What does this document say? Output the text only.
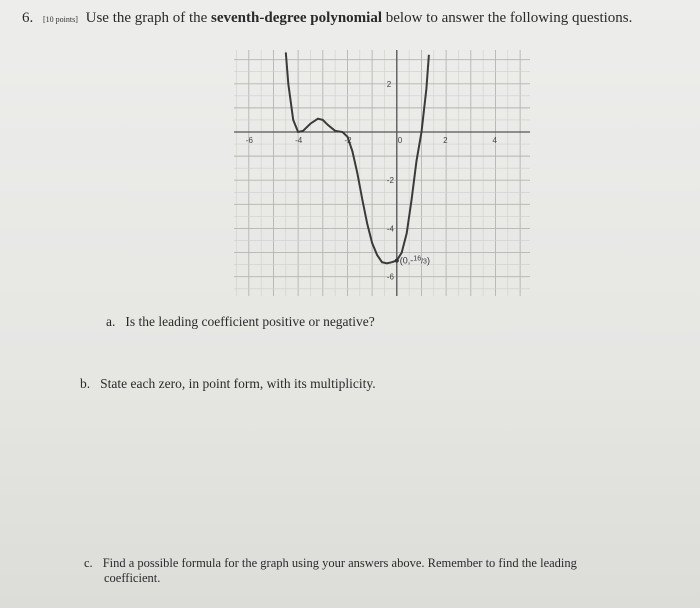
6. [10 points] Use the graph of the seventh-degree polynomial below to answer the following questions.
-6	-4	-2	0	2	4
2
-2
-4
-6
(0,-$^{16}_/$3)
a. Is the leading coefficient positive or negative?
b. State each zero, in point form, with its multiplicity.
c. Find a possible formula for the graph using your answers above. Remember to find the leading
coefficient.
